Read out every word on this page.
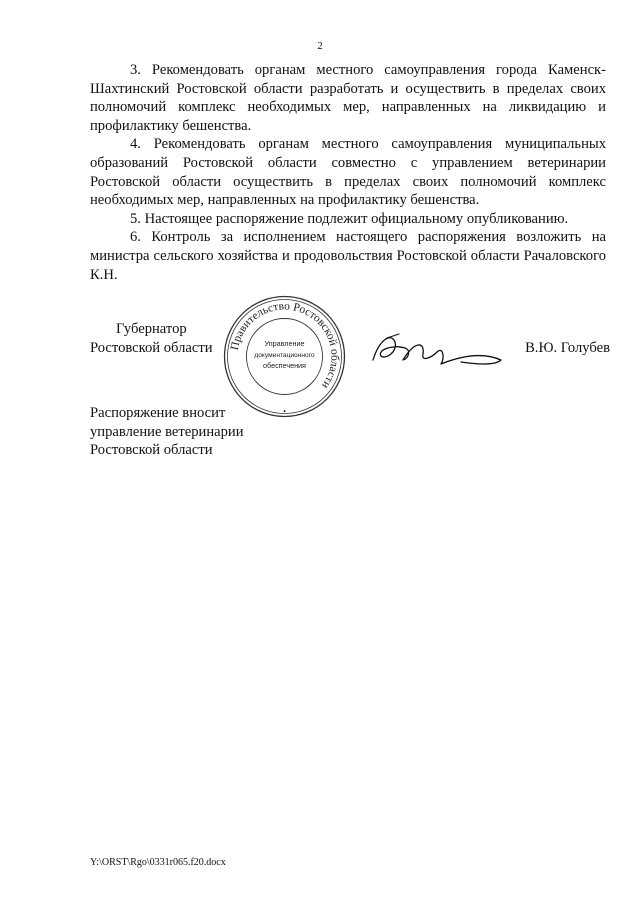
2

3. Рекомендовать органам местного самоуправления города Каменск-Шахтинский Ростовской области разработать и осуществить в пределах своих полномочий комплекс необходимых мер, направленных на ликвидацию и профилактику бешенства.

4. Рекомендовать органам местного самоуправления муниципальных образований Ростовской области совместно с управлением ветеринарии Ростовской области осуществить в пределах своих полномочий комплекс необходимых мер, направленных на профилактику бешенства.

5. Настоящее распоряжение подлежит официальному опубликованию.

6. Контроль за исполнением настоящего распоряжения возложить на министра сельского хозяйства и продовольствия Ростовской области Рачаловского К.Н.

Губернатор
Ростовской области Правительство Ростовской области
Управление
документационного
обеспечения
•
В.Ю. Голубев
Распоряжение вносит
управление ветеринарии
Ростовской области
Y:\ORST\Rgo\0331r065.f20.docx
